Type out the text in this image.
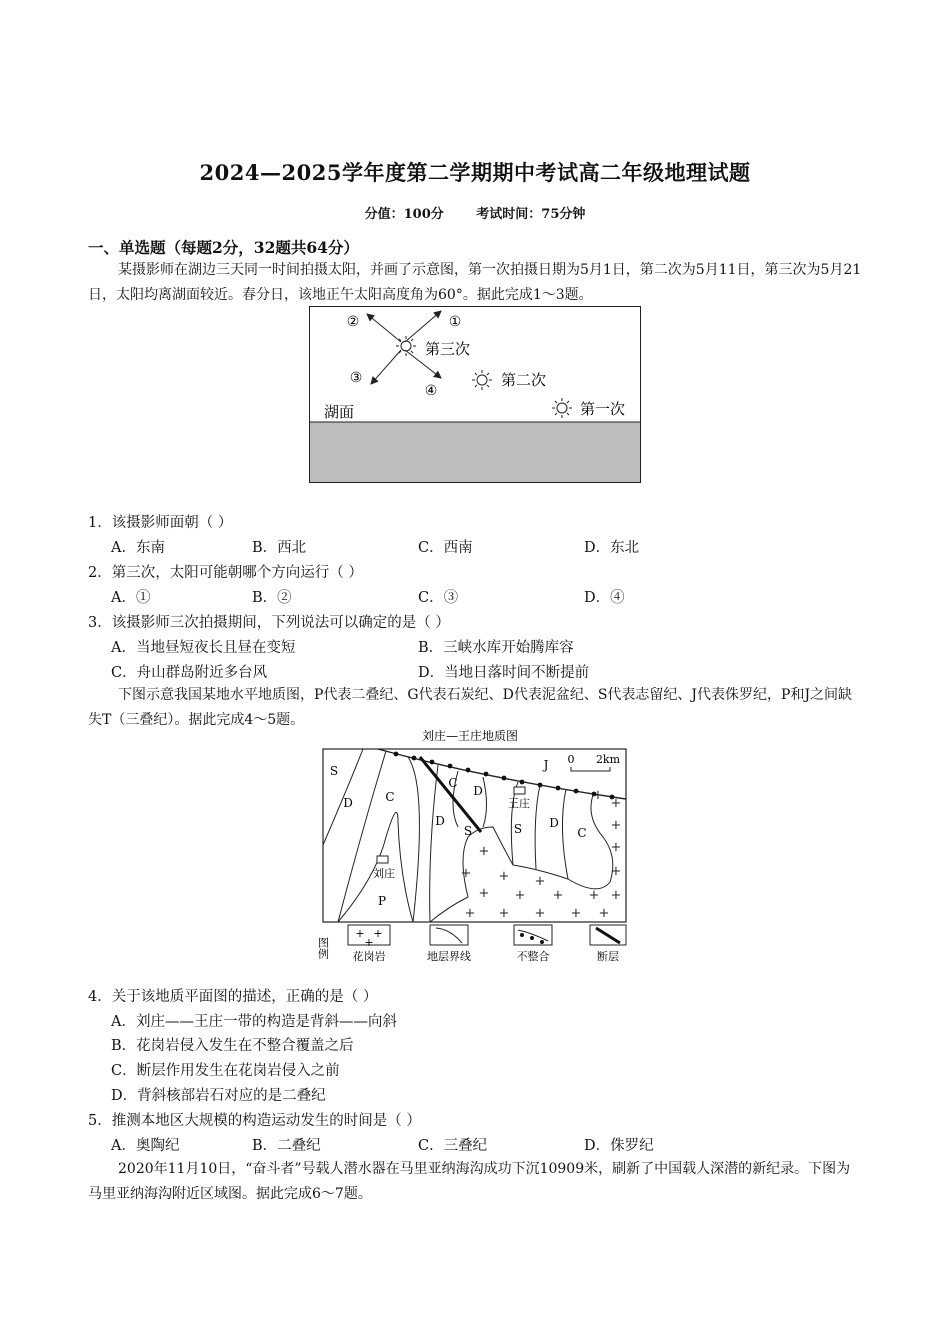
2024—2025学年度第二学期期中考试高二年级地理试题
分值：100分	考试时间：75分钟
一、单选题（每题2分，32题共64分）
某摄影师在湖边三天同一时间拍摄太阳，并画了示意图，第一次拍摄日期为5月1日，第二次为5月11日，第三次为5月21日，太阳均离湖面较近。春分日，该地正午太阳高度角为60°。据此完成1～3题。
①
②
③
④
第三次
第二次
第一次
湖面
1．该摄影师面朝（ ）
A．东南	B．西北	C．西南	D．东北
2．第三次，太阳可能朝哪个方向运行（ ）
A．①	B．②	C．③	D．④
3．该摄影师三次拍摄期间，下列说法可以确定的是（ ）
A．当地昼短夜长且昼在变短	B．三峡水库开始腾库容
C．舟山群岛附近多台风	D．当地日落时间不断提前
下图示意我国某地水平地质图，P代表二叠纪、G代表石炭纪、D代表泥盆纪、S代表志留纪、J代表侏罗纪，P和J之间缺失T（三叠纪）。据此完成4～5题。
刘庄—王庄地质图
0 2km
+
+ + +
+ + + +
+ + + + +
+
+
+
+
+
+
S
D	C
C
D
J
D
S	S D
C
P
王庄
刘庄
图例
+ +
+
花岗岩	地层界线	不整合	断层
4．关于该地质平面图的描述，正确的是（ ）
A．刘庄——王庄一带的构造是背斜——向斜
B．花岗岩侵入发生在不整合覆盖之后
C．断层作用发生在花岗岩侵入之前
D．背斜核部岩石对应的是二叠纪
5．推测本地区大规模的构造运动发生的时间是（ ）
A．奥陶纪	B．二叠纪	C．三叠纪	D．侏罗纪
2020年11月10日，“奋斗者”号载人潜水器在马里亚纳海沟成功下沉10909米，刷新了中国载人深潜的新纪录。下图为马里亚纳海沟附近区域图。据此完成6～7题。
